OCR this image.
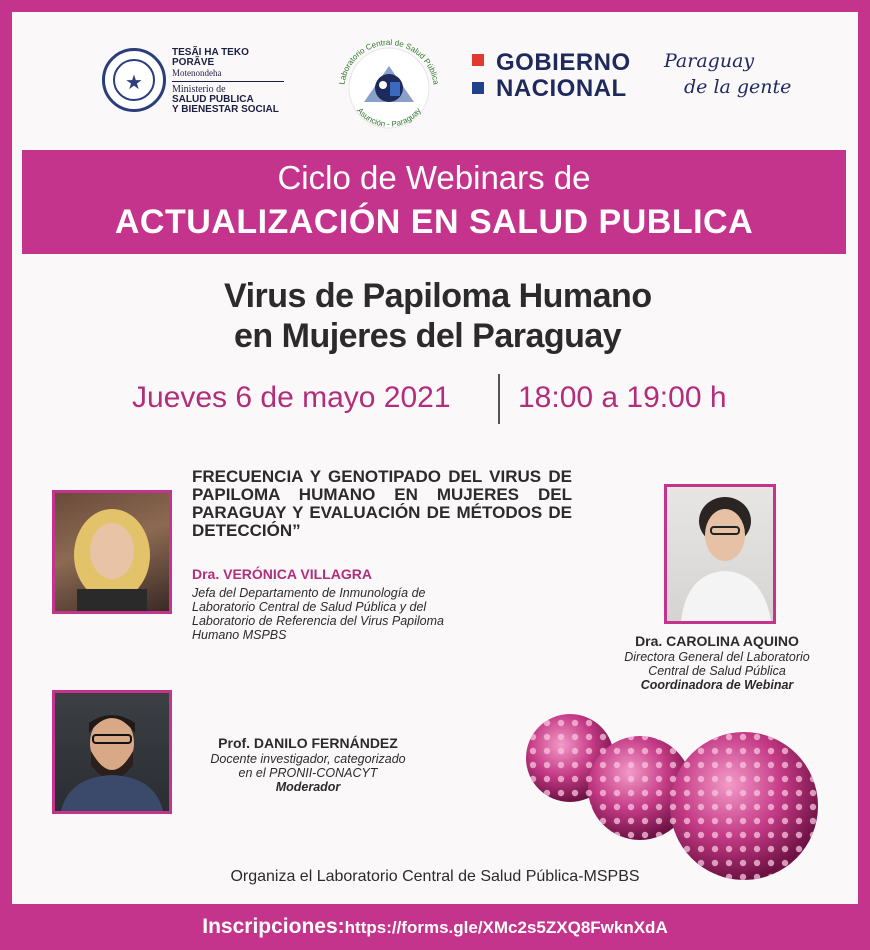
★
TESÃI HA TEKO
PORÃVE
Motenondeha
Ministerio de
SALUD PUBLICA
Y BIENESTAR SOCIAL
Laboratorio Central de Salud Pública
Asunción - Paraguay
GOBIERNO
NACIONAL
Paraguay
de la gente
Ciclo de Webinars de
ACTUALIZACIÓN EN SALUD PUBLICA
Virus de Papiloma Humano
en Mujeres del Paraguay
Jueves 6 de mayo 2021 18:00 a 19:00 h
FRECUENCIA Y GENOTIPADO DEL VIRUS DE PAPILOMA HUMANO EN MUJERES DEL PARAGUAY Y EVALUACIÓN DE MÉTODOS DE DETECCIÓN”
Dra. VERÓNICA VILLAGRA
Jefa del Departamento de Inmunología de Laboratorio Central de Salud Pública y del Laboratorio de Referencia del Virus Papiloma Humano MSPBS	Dra. CAROLINA AQUINO
Directora General del Laboratorio
Central de Salud Pública
Coordinadora de Webinar
Prof. DANILO FERNÁNDEZ
Docente investigador, categorizado
en el PRONII-CONACYT
Moderador
Organiza el Laboratorio Central de Salud Pública-MSPBS
Inscripciones:https://forms.gle/XMc2s5ZXQ8FwknXdA
